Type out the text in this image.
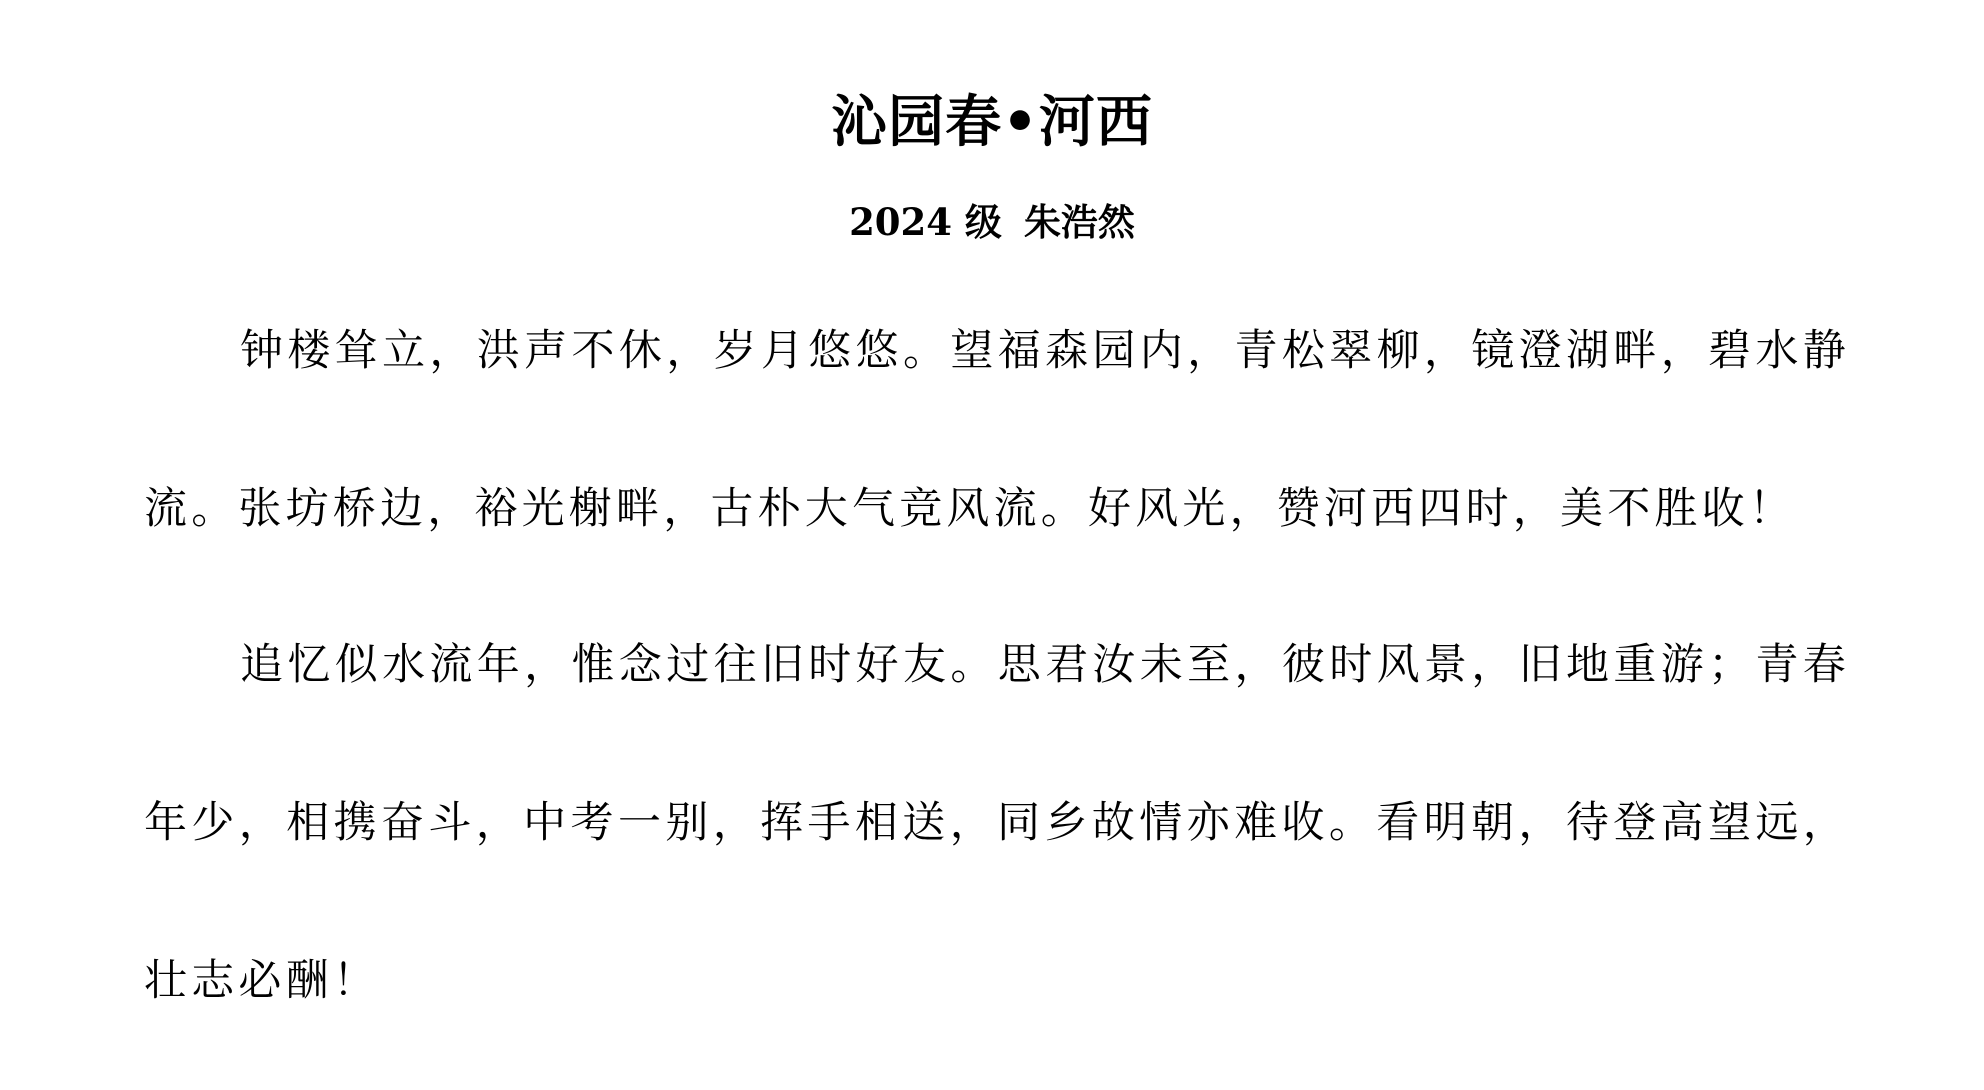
沁园春•河西
2024 级 朱浩然

钟楼耸立，洪声不休，岁月悠悠。望福森园内，青松翠柳，镜澄湖畔，碧水静流。张坊桥边，裕光榭畔，古朴大气竞风流。好风光，赞河西四时，美不胜收！

追忆似水流年，惟念过往旧时好友。思君汝未至，彼时风景，旧地重游；青春年少，相携奋斗，中考一别，挥手相送，同乡故情亦难收。看明朝，待登高望远，壮志必酬！
